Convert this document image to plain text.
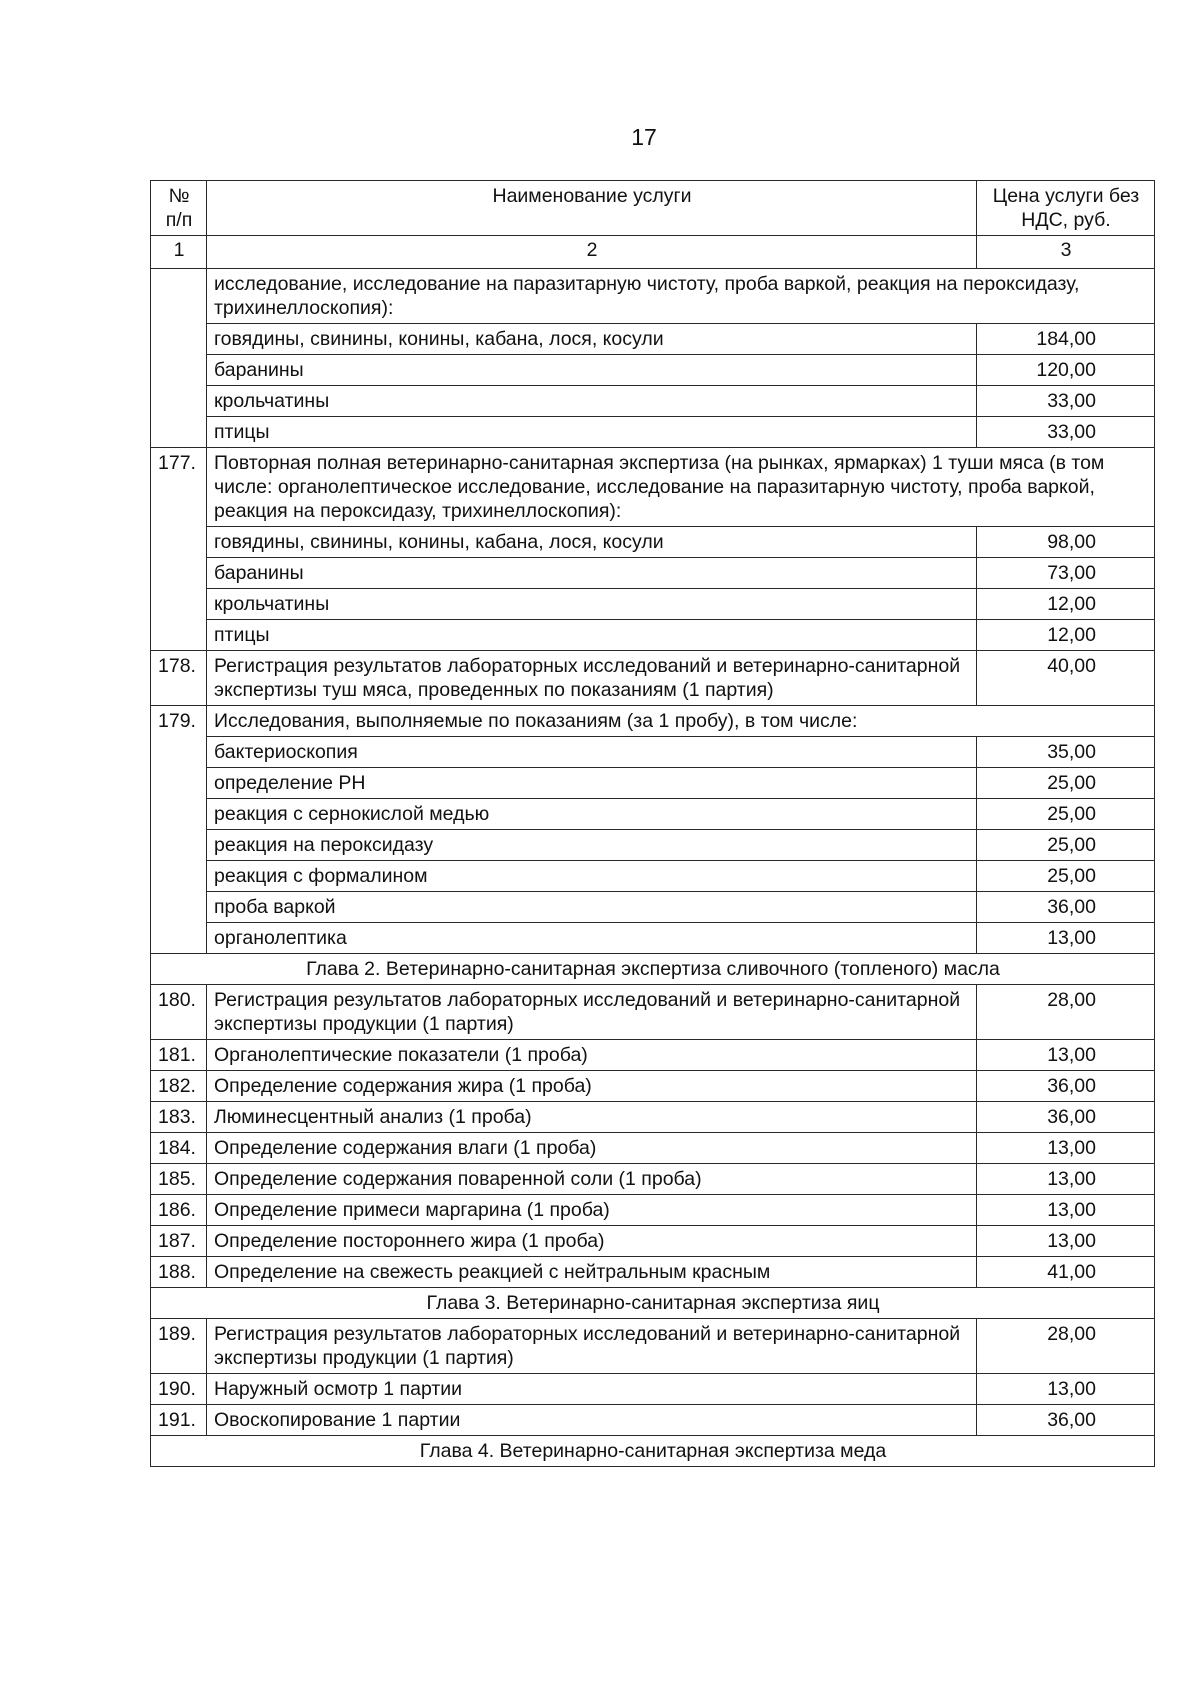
17
№ п/п	Наименование услуги	Цена услуги без НДС, руб.
1	2	3
	исследование, исследование на паразитарную чистоту, проба варкой, реакция на пероксидазу, трихинеллоскопия):	
	говядины, свинины, конины, кабана, лося, косули	184,00
	баранины	120,00
	крольчатины	33,00
	птицы	33,00
177.	Повторная полная ветеринарно-санитарная экспертиза (на рынках, ярмарках) 1 туши мяса (в том числе: органолептическое исследование, исследование на паразитарную чистоту, проба варкой, реакция на пероксидазу, трихинеллоскопия):	
	говядины, свинины, конины, кабана, лося, косули	98,00
	баранины	73,00
	крольчатины	12,00
	птицы	12,00
178.	Регистрация результатов лабораторных исследований и ветеринарно-санитарной экспертизы туш мяса, проведенных по показаниям (1 партия)	40,00
179.	Исследования, выполняемые по показаниям (за 1 пробу), в том числе:	
	бактериоскопия	35,00
	определение РН	25,00
	реакция с сернокислой медью	25,00
	реакция на пероксидазу	25,00
	реакция с формалином	25,00
	проба варкой	36,00
	органолептика	13,00
Глава 2. Ветеринарно-санитарная экспертиза сливочного (топленого) масла		
180.	Регистрация результатов лабораторных исследований и ветеринарно-санитарной экспертизы продукции (1 партия)	28,00
181.	Органолептические показатели (1 проба)	13,00
182.	Определение содержания жира (1 проба)	36,00
183.	Люминесцентный анализ (1 проба)	36,00
184.	Определение содержания влаги (1 проба)	13,00
185.	Определение содержания поваренной соли (1 проба)	13,00
186.	Определение примеси маргарина (1 проба)	13,00
187.	Определение постороннего жира (1 проба)	13,00
188.	Определение на свежесть реакцией с нейтральным красным	41,00
Глава 3. Ветеринарно-санитарная экспертиза яиц		
189.	Регистрация результатов лабораторных исследований и ветеринарно-санитарной экспертизы продукции (1 партия)	28,00
190.	Наружный осмотр 1 партии	13,00
191.	Овоскопирование 1 партии	36,00
Глава 4. Ветеринарно-санитарная экспертиза меда		
